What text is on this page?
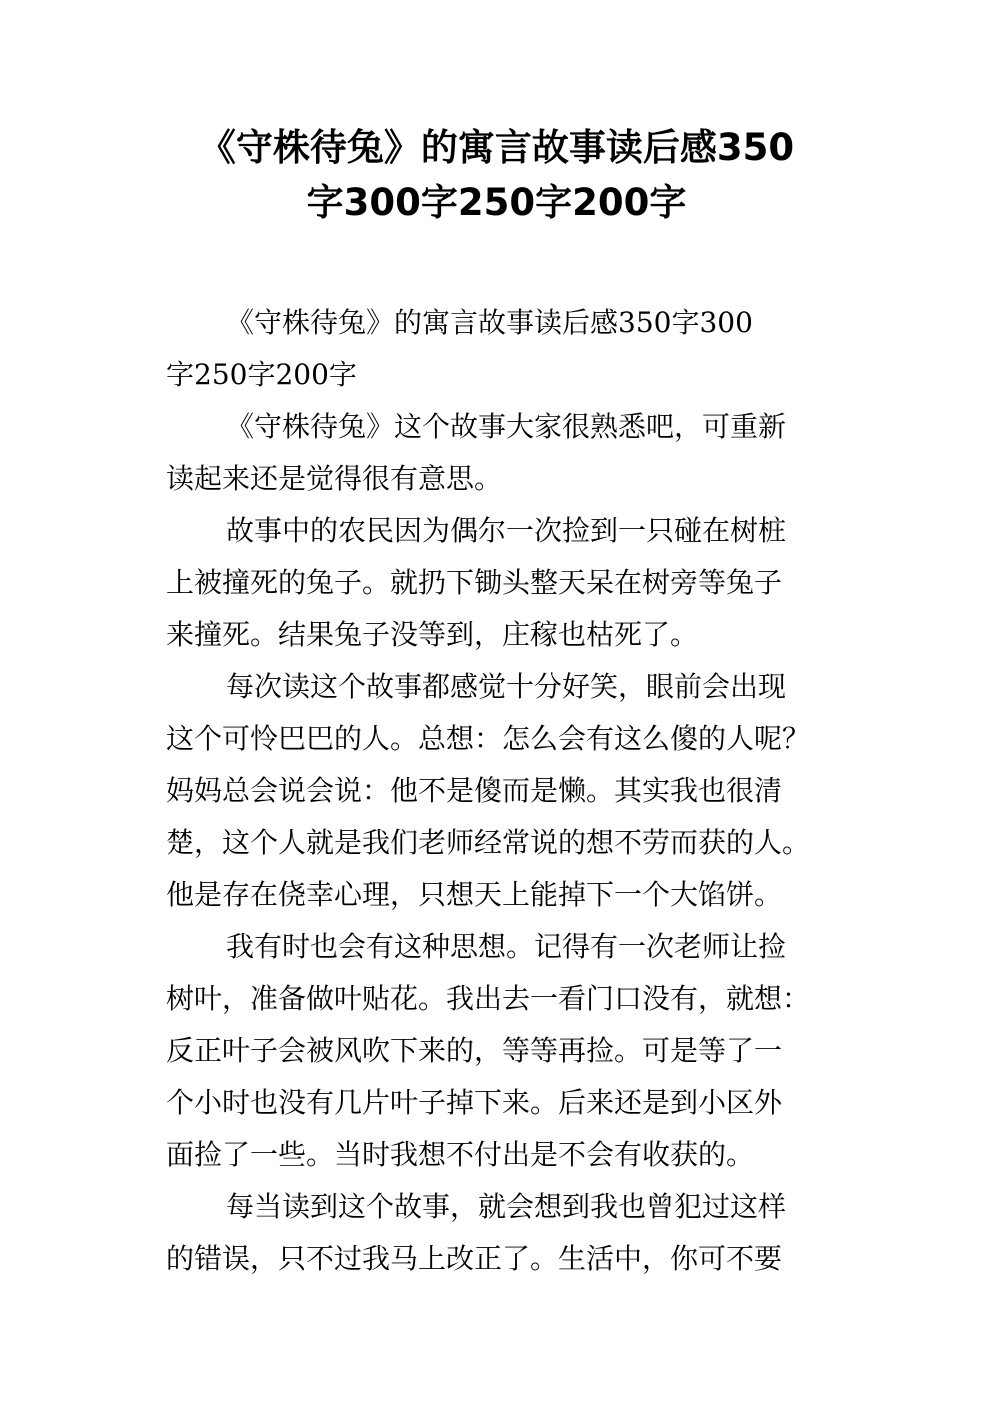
《守株待兔》的寓言故事读后感350
字300字250字200字

《守株待兔》的寓言故事读后感350字300
字250字200字

《守株待兔》这个故事大家很熟悉吧，可重新
读起来还是觉得很有意思。

故事中的农民因为偶尔一次捡到一只碰在树桩
上被撞死的兔子。就扔下锄头整天呆在树旁等兔子
来撞死。结果兔子没等到，庄稼也枯死了。

每次读这个故事都感觉十分好笑，眼前会出现
这个可怜巴巴的人。总想：怎么会有这么傻的人呢？
妈妈总会说会说：他不是傻而是懒。其实我也很清
楚，这个人就是我们老师经常说的想不劳而获的人。
他是存在侥幸心理，只想天上能掉下一个大馅饼。

我有时也会有这种思想。记得有一次老师让捡
树叶，准备做叶贴花。我出去一看门口没有，就想：
反正叶子会被风吹下来的，等等再捡。可是等了一
个小时也没有几片叶子掉下来。后来还是到小区外
面捡了一些。当时我想不付出是不会有收获的。

每当读到这个故事，就会想到我也曾犯过这样
的错误，只不过我马上改正了。生活中，你可不要
